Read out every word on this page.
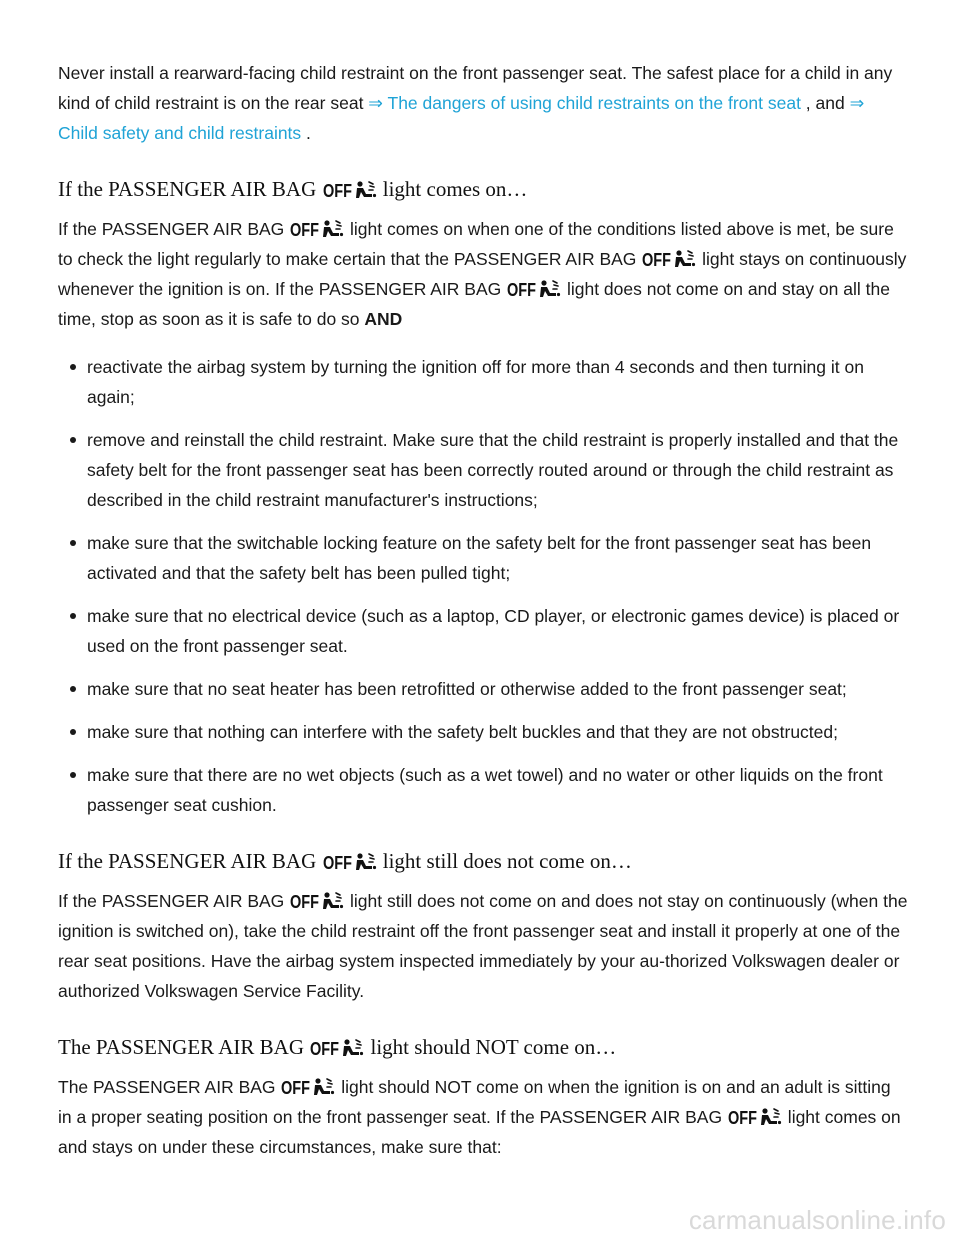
Never install a rearward-facing child restraint on the front passenger seat. The safest place for a child in any kind of child restraint is on the rear seat ⇒ The dangers of using child restraints on the front seat , and ⇒ Child safety and child restraints .

If the PASSENGER AIR BAG OFF light comes on…

If the PASSENGER AIR BAG OFF light comes on when one of the conditions listed above is met, be sure to check the light regularly to make certain that the PASSENGER AIR BAG OFF light stays on continuously whenever the ignition is on. If the PASSENGER AIR BAG OFF light does not come on and stay on all the time, stop as soon as it is safe to do so AND

reactivate the airbag system by turning the ignition off for more than 4 seconds and then turning it on again;
remove and reinstall the child restraint. Make sure that the child restraint is properly installed and that the safety belt for the front passenger seat has been correctly routed around or through the child restraint as described in the child restraint manufacturer's instructions;
make sure that the switchable locking feature on the safety belt for the front passenger seat has been activated and that the safety belt has been pulled tight;
make sure that no electrical device (such as a laptop, CD player, or electronic games device) is placed or used on the front passenger seat.
make sure that no seat heater has been retrofitted or otherwise added to the front passenger seat;
make sure that nothing can interfere with the safety belt buckles and that they are not obstructed;
make sure that there are no wet objects (such as a wet towel) and no water or other liquids on the front passenger seat cushion.
If the PASSENGER AIR BAG OFF light still does not come on…

If the PASSENGER AIR BAG OFF light still does not come on and does not stay on continuously (when the ignition is switched on), take the child restraint off the front passenger seat and install it properly at one of the rear seat positions. Have the airbag system inspected immediately by your au-thorized Volkswagen dealer or authorized Volkswagen Service Facility.

The PASSENGER AIR BAG OFF light should NOT come on…

The PASSENGER AIR BAG OFF light should NOT come on when the ignition is on and an adult is sitting in a proper seating position on the front passenger seat. If the PASSENGER AIR BAG OFF light comes on and stays on under these circumstances, make sure that:

carmanualsonline.info
